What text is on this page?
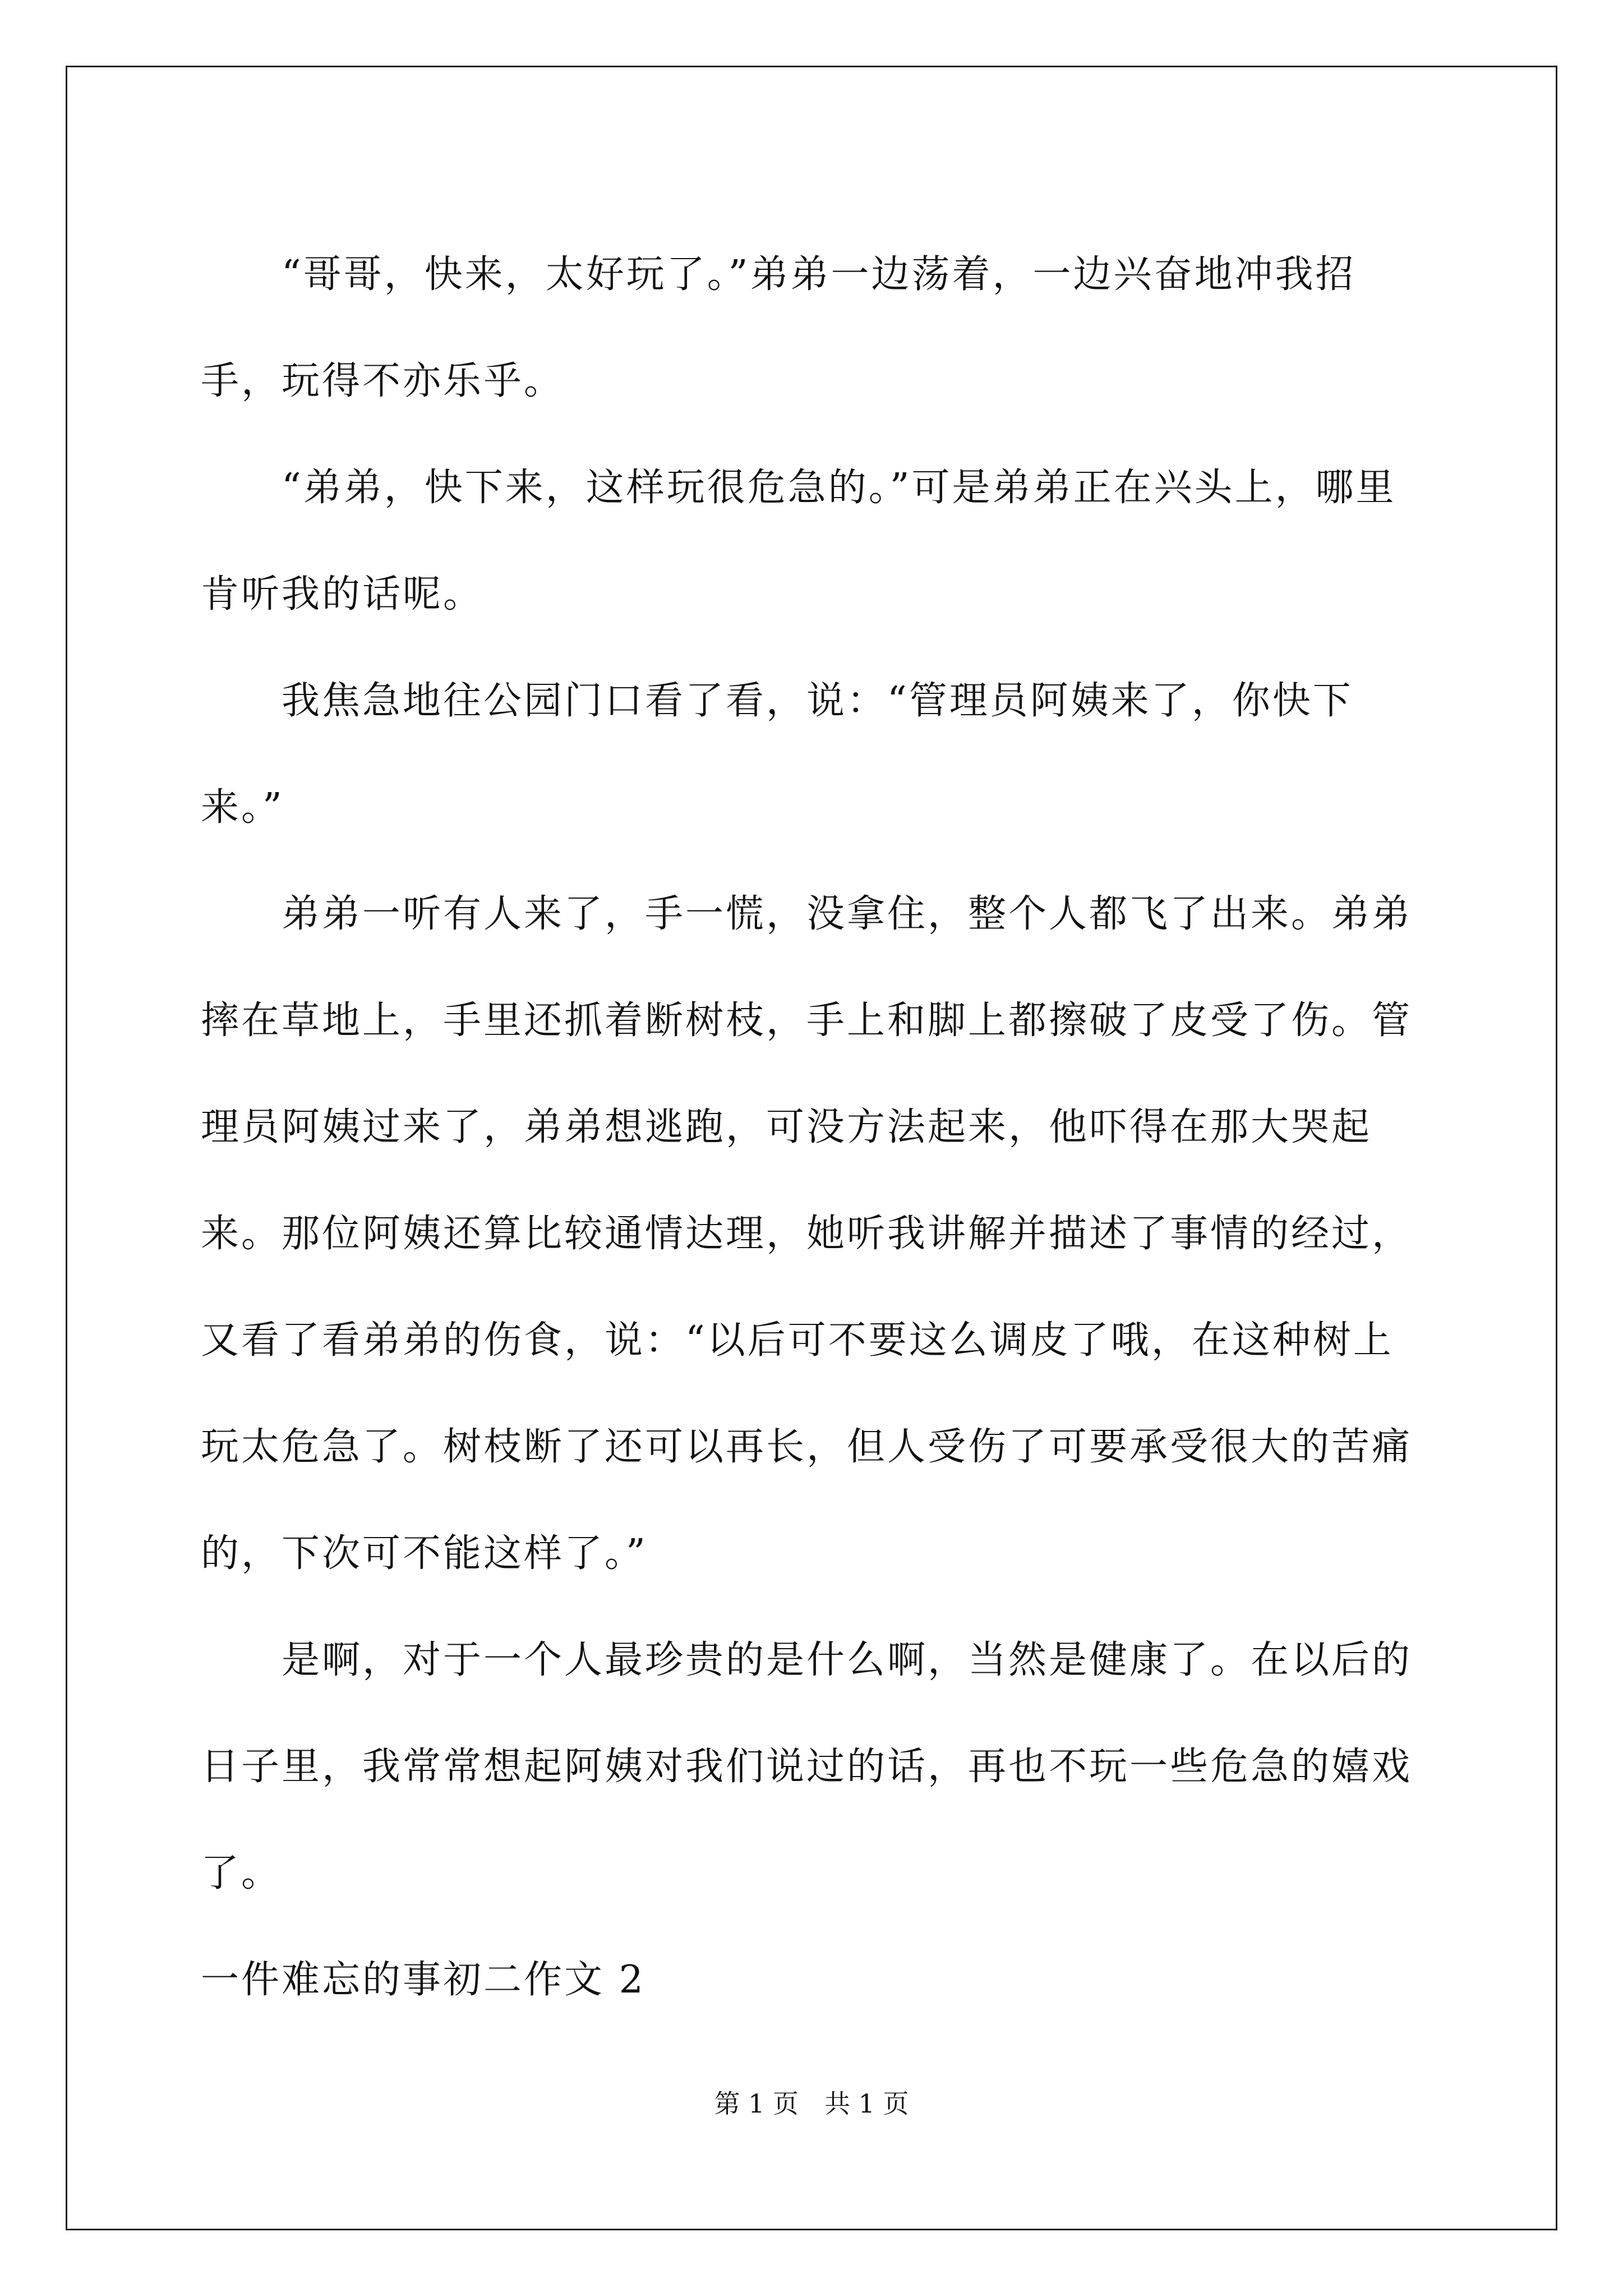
“哥哥，快来，太好玩了。”弟弟一边荡着，一边兴奋地冲我招手，玩得不亦乐乎。

“弟弟，快下来，这样玩很危急的。”可是弟弟正在兴头上，哪里肯听我的话呢。

我焦急地往公园门口看了看，说：“管理员阿姨来了，你快下来。”

弟弟一听有人来了，手一慌，没拿住，整个人都飞了出来。弟弟摔在草地上，手里还抓着断树枝，手上和脚上都擦破了皮受了伤。管理员阿姨过来了，弟弟想逃跑，可没方法起来，他吓得在那大哭起来。那位阿姨还算比较通情达理，她听我讲解并描述了事情的经过，又看了看弟弟的伤食，说：“以后可不要这么调皮了哦，在这种树上玩太危急了。树枝断了还可以再长，但人受伤了可要承受很大的苦痛的，下次可不能这样了。”

是啊，对于一个人最珍贵的是什么啊，当然是健康了。在以后的日子里，我常常想起阿姨对我们说过的话，再也不玩一些危急的嬉戏了。

一件难忘的事初二作文 2

第 1 页　共 1 页
